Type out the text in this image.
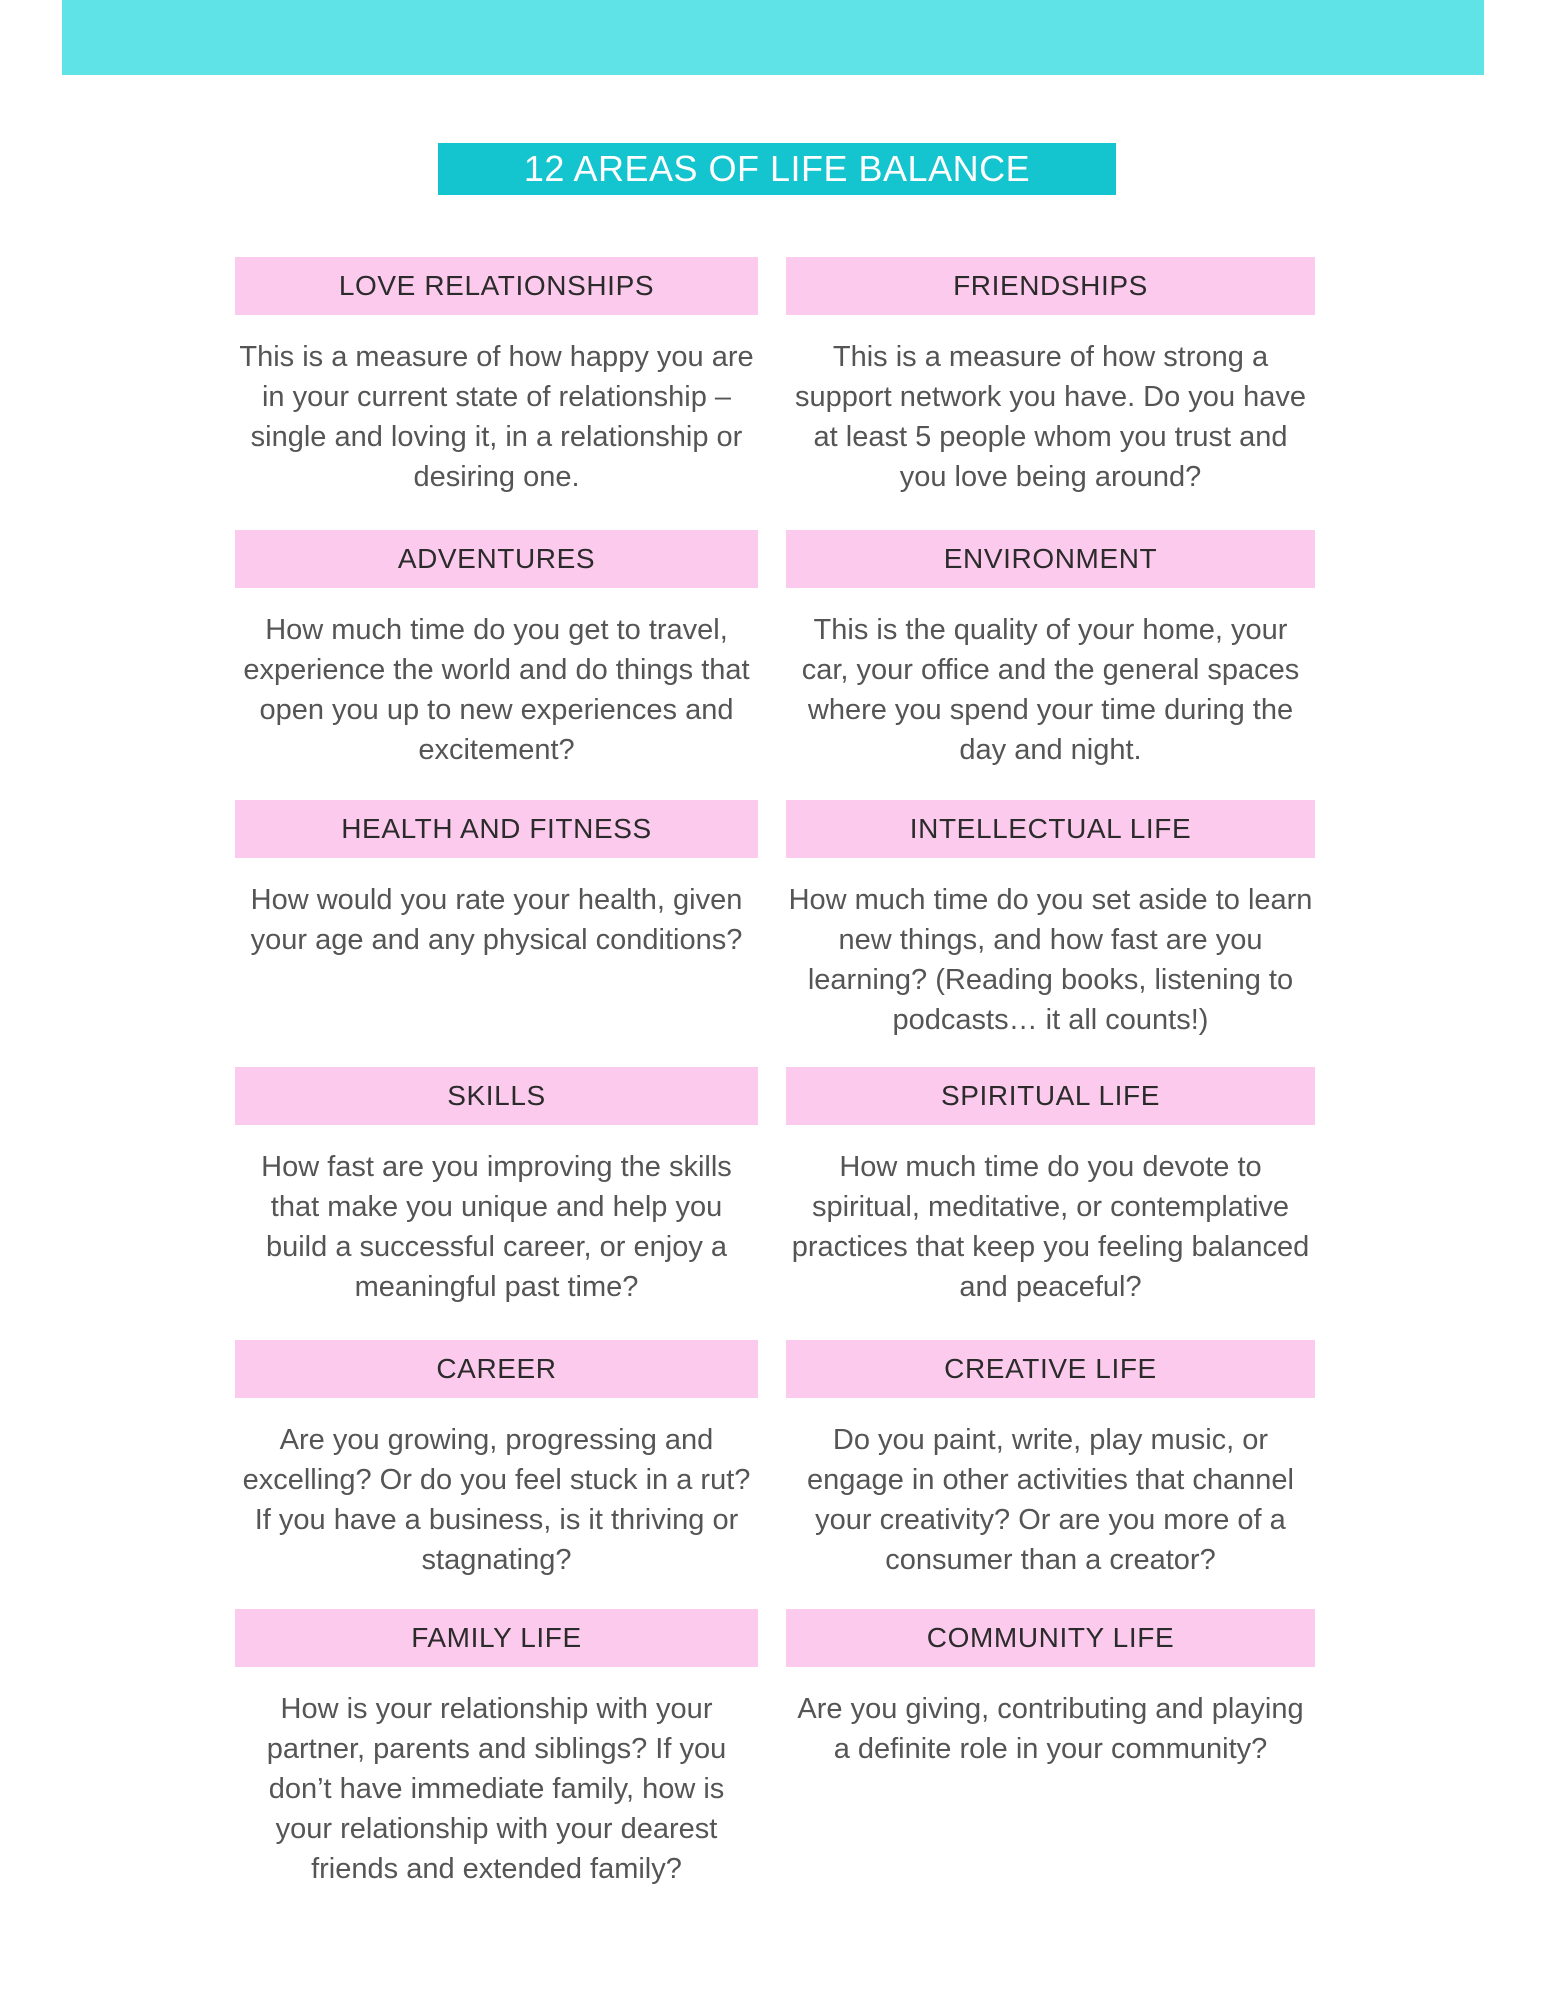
12 AREAS OF LIFE BALANCE
LOVE RELATIONSHIPS

This is a measure of how happy you are in your current state of relationship – single and loving it, in a relationship or desiring one.

FRIENDSHIPS

This is a measure of how strong a support network you have. Do you have at least 5 people whom you trust and you love being around?

ADVENTURES

How much time do you get to travel, experience the world and do things that open you up to new experiences and excitement?

ENVIRONMENT

This is the quality of your home, your car, your office and the general spaces where you spend your time during the day and night.

HEALTH AND FITNESS

How would you rate your health, given your age and any physical conditions?

INTELLECTUAL LIFE

How much time do you set aside to learn new things, and how fast are you learning? (Reading books, listening to podcasts… it all counts!)

SKILLS

How fast are you improving the skills that make you unique and help you build a successful career, or enjoy a meaningful past time?

SPIRITUAL LIFE

How much time do you devote to spiritual, meditative, or contemplative practices that keep you feeling balanced and peaceful?

CAREER

Are you growing, progressing and excelling? Or do you feel stuck in a rut? If you have a business, is it thriving or stagnating?

CREATIVE LIFE

Do you paint, write, play music, or engage in other activities that channel your creativity? Or are you more of a consumer than a creator?

FAMILY LIFE

How is your relationship with your partner, parents and siblings? If you don’t have immediate family, how is your relationship with your dearest friends and extended family?

COMMUNITY LIFE

Are you giving, contributing and playing a definite role in your community?
